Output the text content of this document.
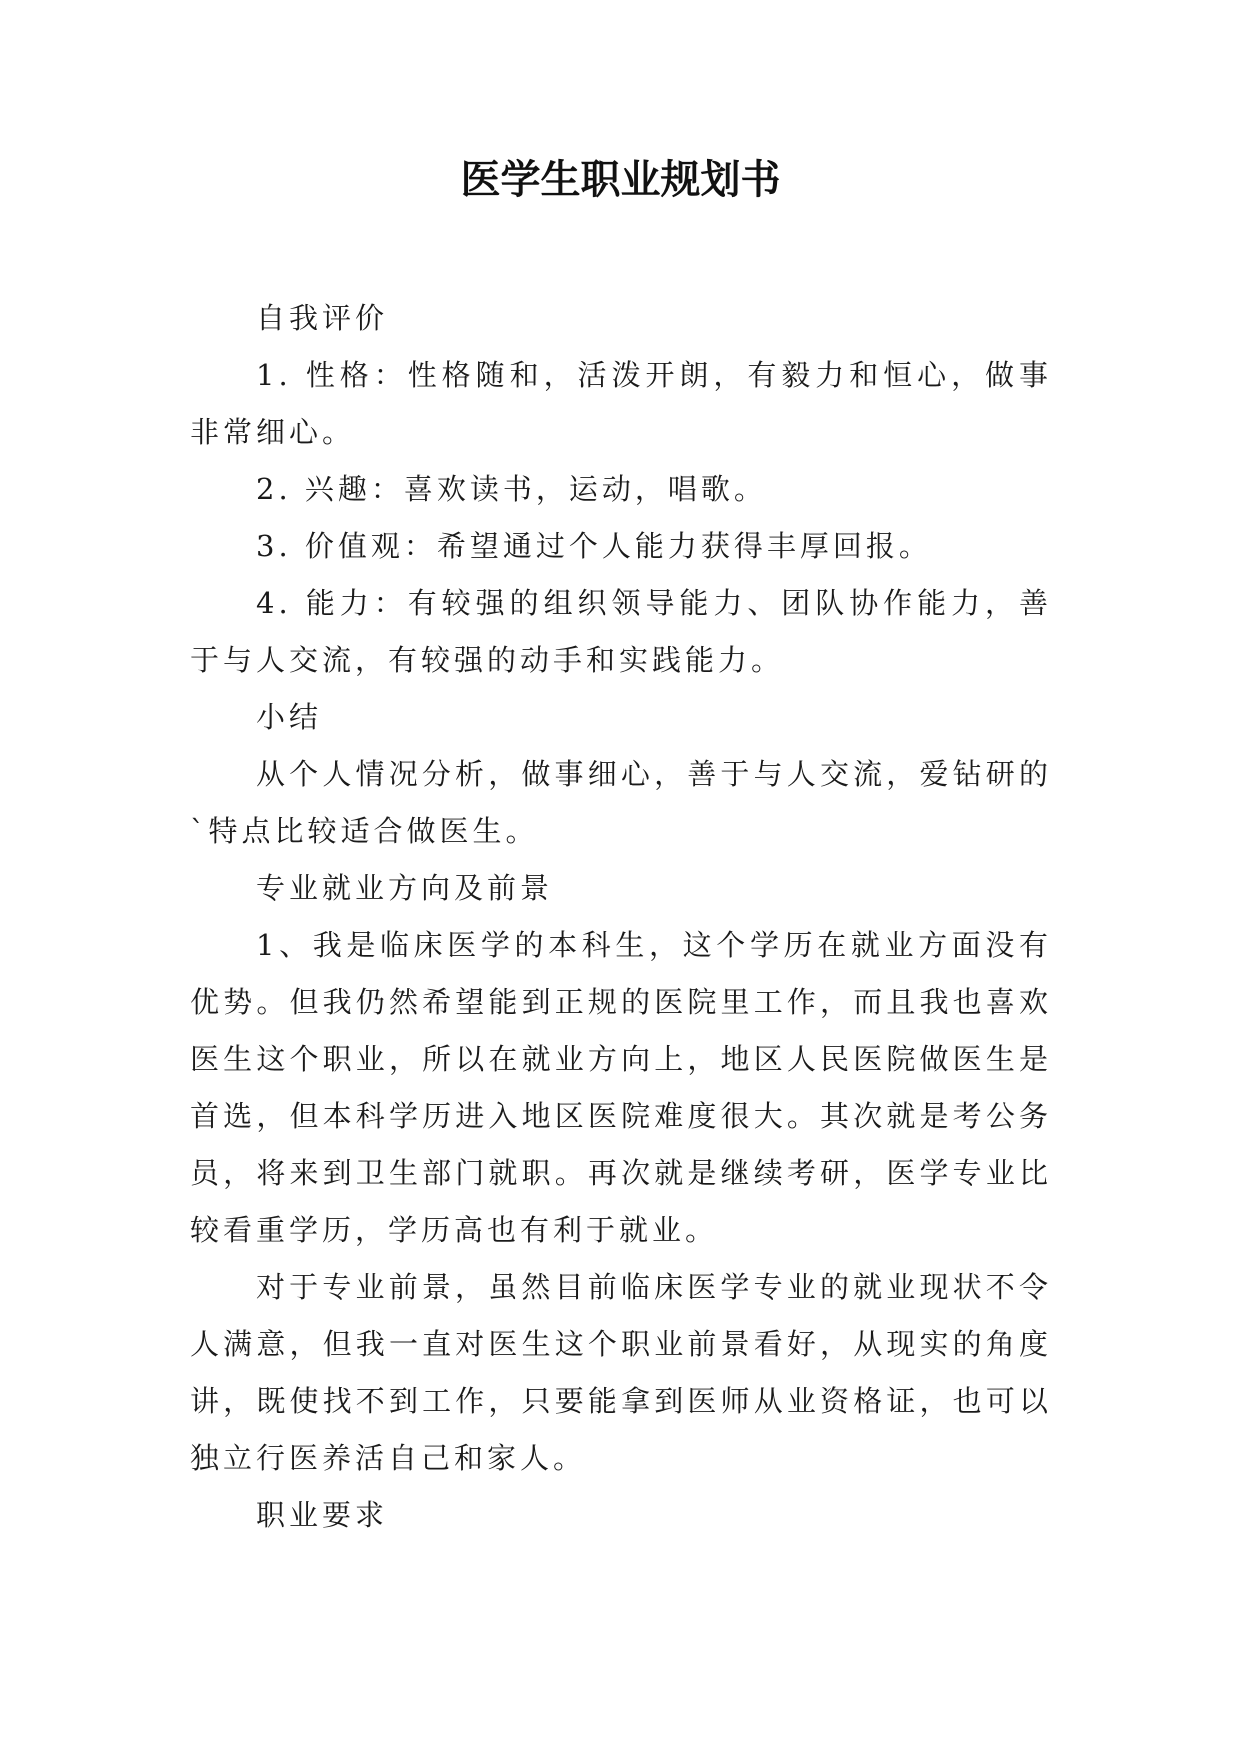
医学生职业规划书

自我评价

1. 性格：性格随和，活泼开朗，有毅力和恒心，做事非常细心。

2. 兴趣：喜欢读书，运动，唱歌。

3. 价值观：希望通过个人能力获得丰厚回报。

4. 能力：有较强的组织领导能力、团队协作能力，善于与人交流，有较强的动手和实践能力。

小结

从个人情况分析，做事细心，善于与人交流，爱钻研的`特点比较适合做医生。

专业就业方向及前景

1、我是临床医学的本科生，这个学历在就业方面没有优势。但我仍然希望能到正规的医院里工作，而且我也喜欢医生这个职业，所以在就业方向上，地区人民医院做医生是首选，但本科学历进入地区医院难度很大。其次就是考公务员，将来到卫生部门就职。再次就是继续考研，医学专业比较看重学历，学历高也有利于就业。

对于专业前景，虽然目前临床医学专业的就业现状不令人满意，但我一直对医生这个职业前景看好，从现实的角度讲，既使找不到工作，只要能拿到医师从业资格证，也可以独立行医养活自己和家人。

职业要求
